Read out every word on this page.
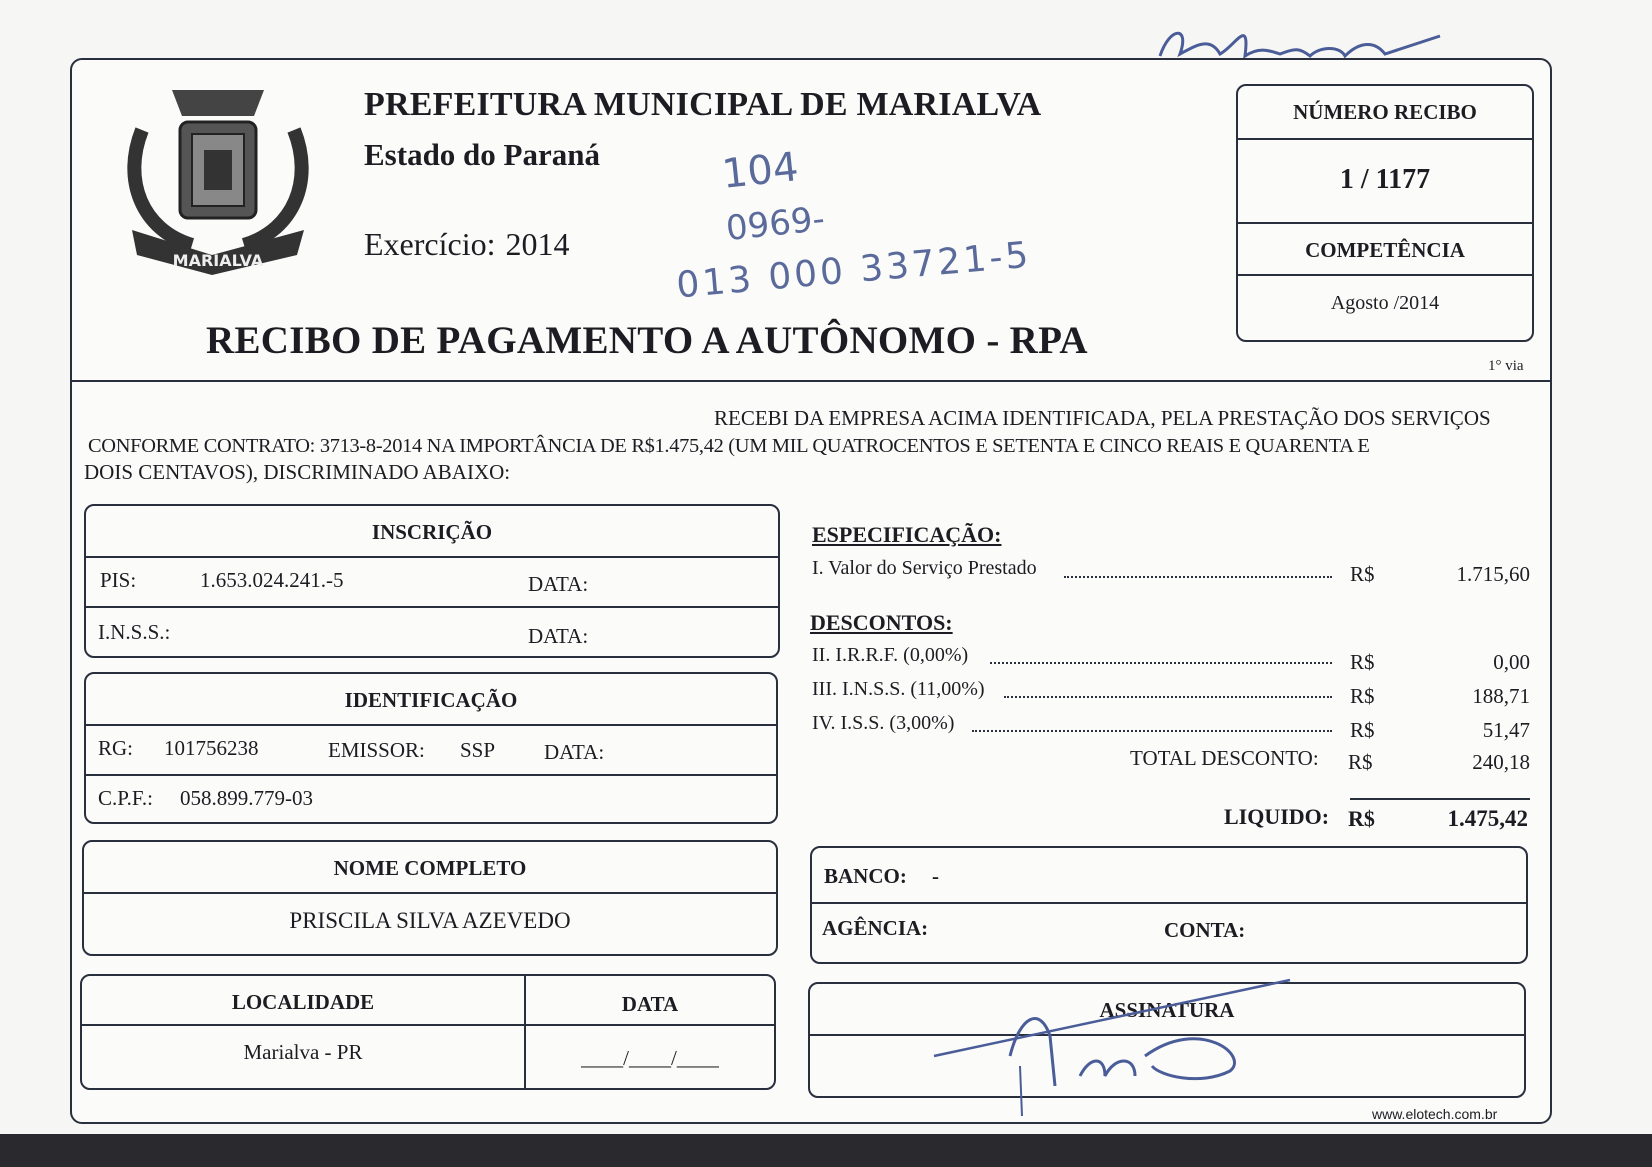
MARIALVA
PREFEITURA MUNICIPAL DE MARIALVA
Estado do Paraná
Exercício: 2014
104
0969-
013 000 33721-5
RECIBO DE PAGAMENTO A AUTÔNOMO - RPA
NÚMERO RECIBO
1 / 1177
COMPETÊNCIA
Agosto /2014
1° via
RECEBI DA EMPRESA ACIMA IDENTIFICADA, PELA PRESTAÇÃO DOS SERVIÇOS
CONFORME CONTRATO: 3713-8-2014 NA IMPORTÂNCIA DE R$1.475,42 (UM MIL QUATROCENTOS E SETENTA E CINCO REAIS E QUARENTA E
DOIS CENTAVOS), DISCRIMINADO ABAIXO:
INSCRIÇÃO
PIS:	1.653.024.241.-5	DATA:
I.N.S.S.:	DATA:
IDENTIFICAÇÃO
RG: 101756238	EMISSOR: SSP DATA:
C.P.F.: 058.899.779-03
NOME COMPLETO
PRISCILA SILVA AZEVEDO
LOCALIDADE	DATA
Marialva - PR	____/____/____
ESPECIFICAÇÃO:
I. Valor do Serviço Prestado	R$	1.715,60
DESCONTOS:
II. I.R.R.F. (0,00%)	R$	0,00
III. I.N.S.S. (11,00%)	R$	188,71
IV. I.S.S. (3,00%)	R$	51,47
TOTAL DESCONTO: R$	240,18
LIQUIDO: R$	1.475,42
BANCO: -
AGÊNCIA:	CONTA:
ASSINATURA
www.elotech.com.br
